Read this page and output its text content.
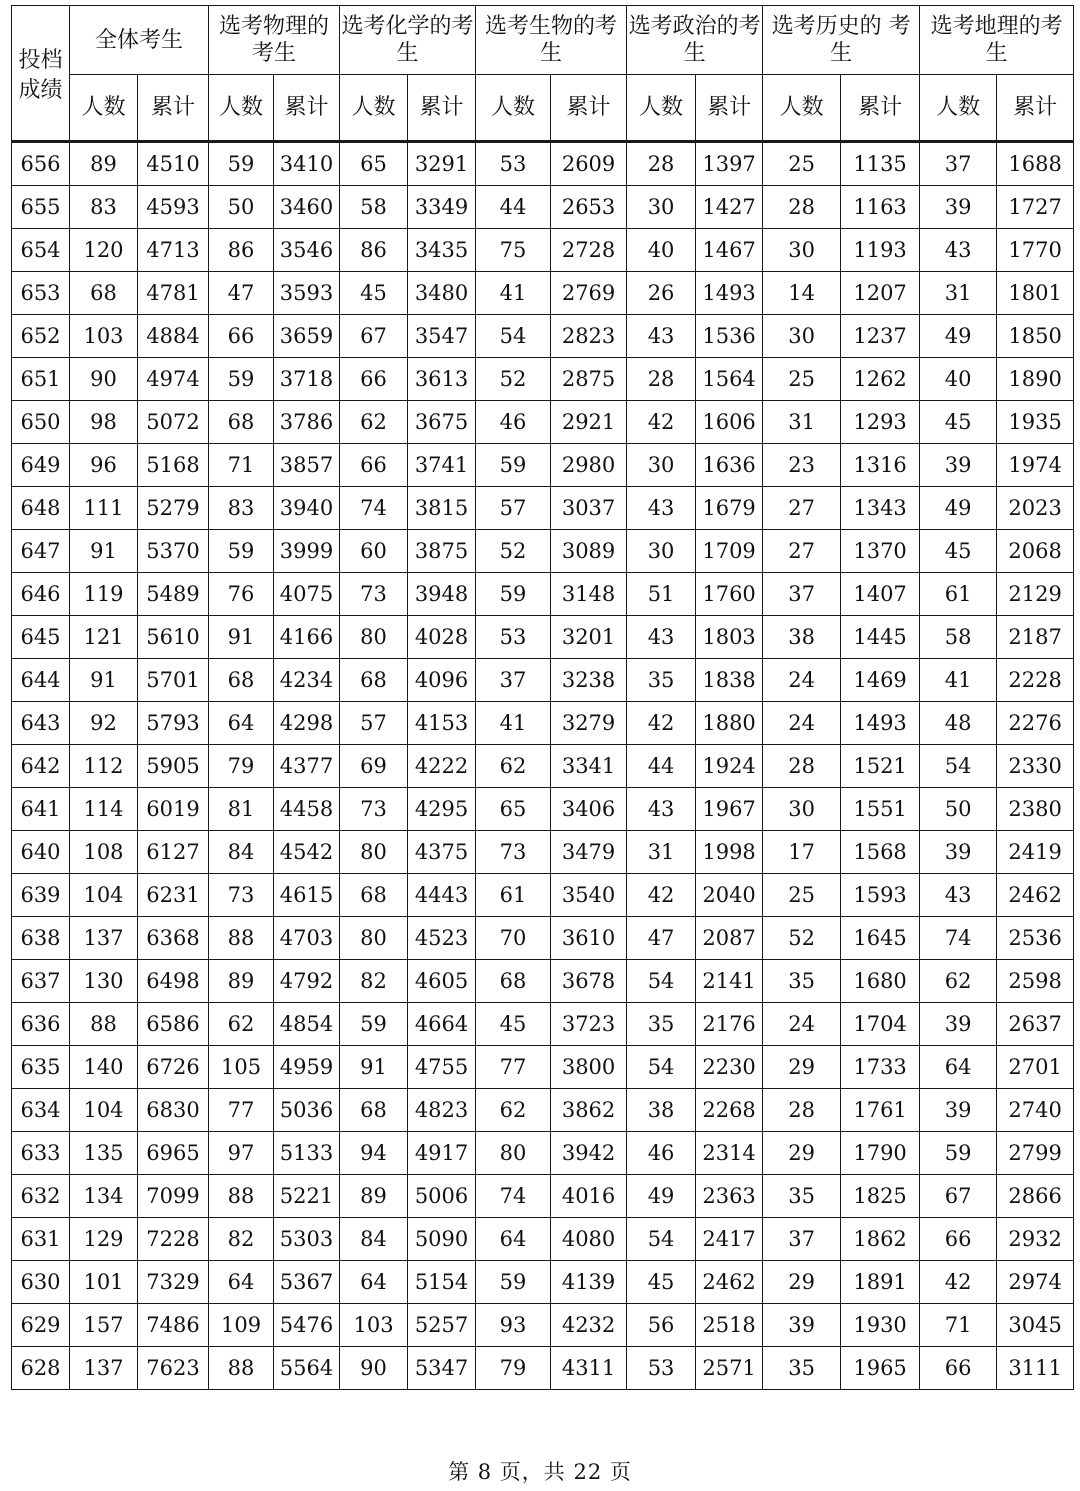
投档成绩	全体考生		选考物理的考生		选考化学的考生		选考生物的考生		选考政治的考生		选考历史的 考生		选考地理的考生	
	人数	累计	人数	累计	人数	累计	人数	累计	人数	累计	人数	累计	人数	累计
656	89	4510	59	3410	65	3291	53	2609	28	1397	25	1135	37	1688
655	83	4593	50	3460	58	3349	44	2653	30	1427	28	1163	39	1727
654	120	4713	86	3546	86	3435	75	2728	40	1467	30	1193	43	1770
653	68	4781	47	3593	45	3480	41	2769	26	1493	14	1207	31	1801
652	103	4884	66	3659	67	3547	54	2823	43	1536	30	1237	49	1850
651	90	4974	59	3718	66	3613	52	2875	28	1564	25	1262	40	1890
650	98	5072	68	3786	62	3675	46	2921	42	1606	31	1293	45	1935
649	96	5168	71	3857	66	3741	59	2980	30	1636	23	1316	39	1974
648	111	5279	83	3940	74	3815	57	3037	43	1679	27	1343	49	2023
647	91	5370	59	3999	60	3875	52	3089	30	1709	27	1370	45	2068
646	119	5489	76	4075	73	3948	59	3148	51	1760	37	1407	61	2129
645	121	5610	91	4166	80	4028	53	3201	43	1803	38	1445	58	2187
644	91	5701	68	4234	68	4096	37	3238	35	1838	24	1469	41	2228
643	92	5793	64	4298	57	4153	41	3279	42	1880	24	1493	48	2276
642	112	5905	79	4377	69	4222	62	3341	44	1924	28	1521	54	2330
641	114	6019	81	4458	73	4295	65	3406	43	1967	30	1551	50	2380
640	108	6127	84	4542	80	4375	73	3479	31	1998	17	1568	39	2419
639	104	6231	73	4615	68	4443	61	3540	42	2040	25	1593	43	2462
638	137	6368	88	4703	80	4523	70	3610	47	2087	52	1645	74	2536
637	130	6498	89	4792	82	4605	68	3678	54	2141	35	1680	62	2598
636	88	6586	62	4854	59	4664	45	3723	35	2176	24	1704	39	2637
635	140	6726	105	4959	91	4755	77	3800	54	2230	29	1733	64	2701
634	104	6830	77	5036	68	4823	62	3862	38	2268	28	1761	39	2740
633	135	6965	97	5133	94	4917	80	3942	46	2314	29	1790	59	2799
632	134	7099	88	5221	89	5006	74	4016	49	2363	35	1825	67	2866
631	129	7228	82	5303	84	5090	64	4080	54	2417	37	1862	66	2932
630	101	7329	64	5367	64	5154	59	4139	45	2462	29	1891	42	2974
629	157	7486	109	5476	103	5257	93	4232	56	2518	39	1930	71	3045
628	137	7623	88	5564	90	5347	79	4311	53	2571	35	1965	66	3111
第 8 页，共 22 页
